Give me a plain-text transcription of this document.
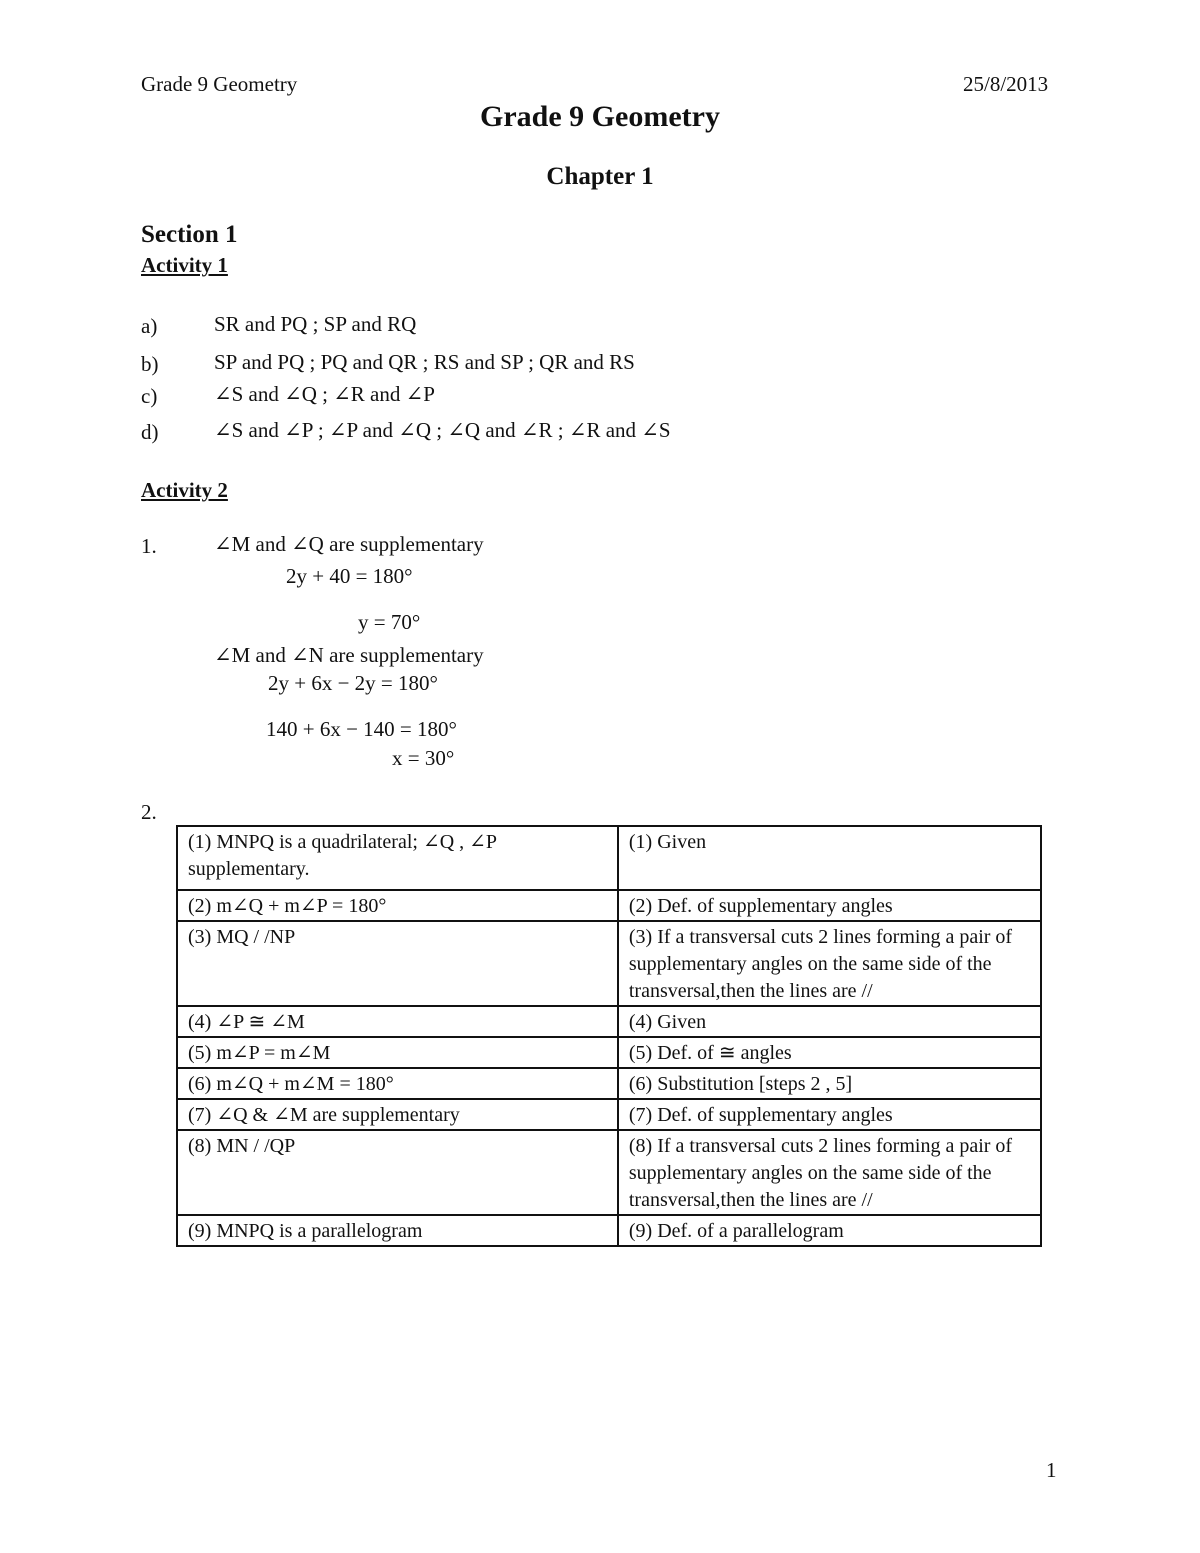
Grade 9 Geometry	25/8/2013
Grade 9 Geometry
Chapter 1
Section 1
Activity 1
a)	SR and PQ ; SP and RQ
b)	SP and PQ ; PQ and QR ; RS and SP ; QR and RS
c)	∠S and ∠Q ; ∠R and ∠P
d)	∠S and ∠P ; ∠P and ∠Q ; ∠Q and ∠R ; ∠R and ∠S
Activity 2
1.	∠M and ∠Q are supplementary
2y + 40 = 180°
y = 70°
∠M and ∠N are supplementary
2y + 6x − 2y = 180°
140 + 6x − 140 = 180°
x = 30°
2.
(1) MNPQ is a quadrilateral; ∠Q , ∠P supplementary.	(1) Given
(2) m∠Q + m∠P = 180°	(2) Def. of supplementary angles
(3) MQ / /NP	(3) If a transversal cuts 2 lines forming a pair of supplementary angles on the same side of the transversal,then the lines are //
(4) ∠P ≅ ∠M	(4) Given
(5) m∠P = m∠M	(5) Def. of ≅ angles
(6) m∠Q + m∠M = 180°	(6) Substitution [steps 2 , 5]
(7) ∠Q & ∠M are supplementary	(7) Def. of supplementary angles
(8) MN / /QP	(8) If a transversal cuts 2 lines forming a pair of supplementary angles on the same side of the transversal,then the lines are //
(9) MNPQ is a parallelogram	(9) Def. of a parallelogram
1
